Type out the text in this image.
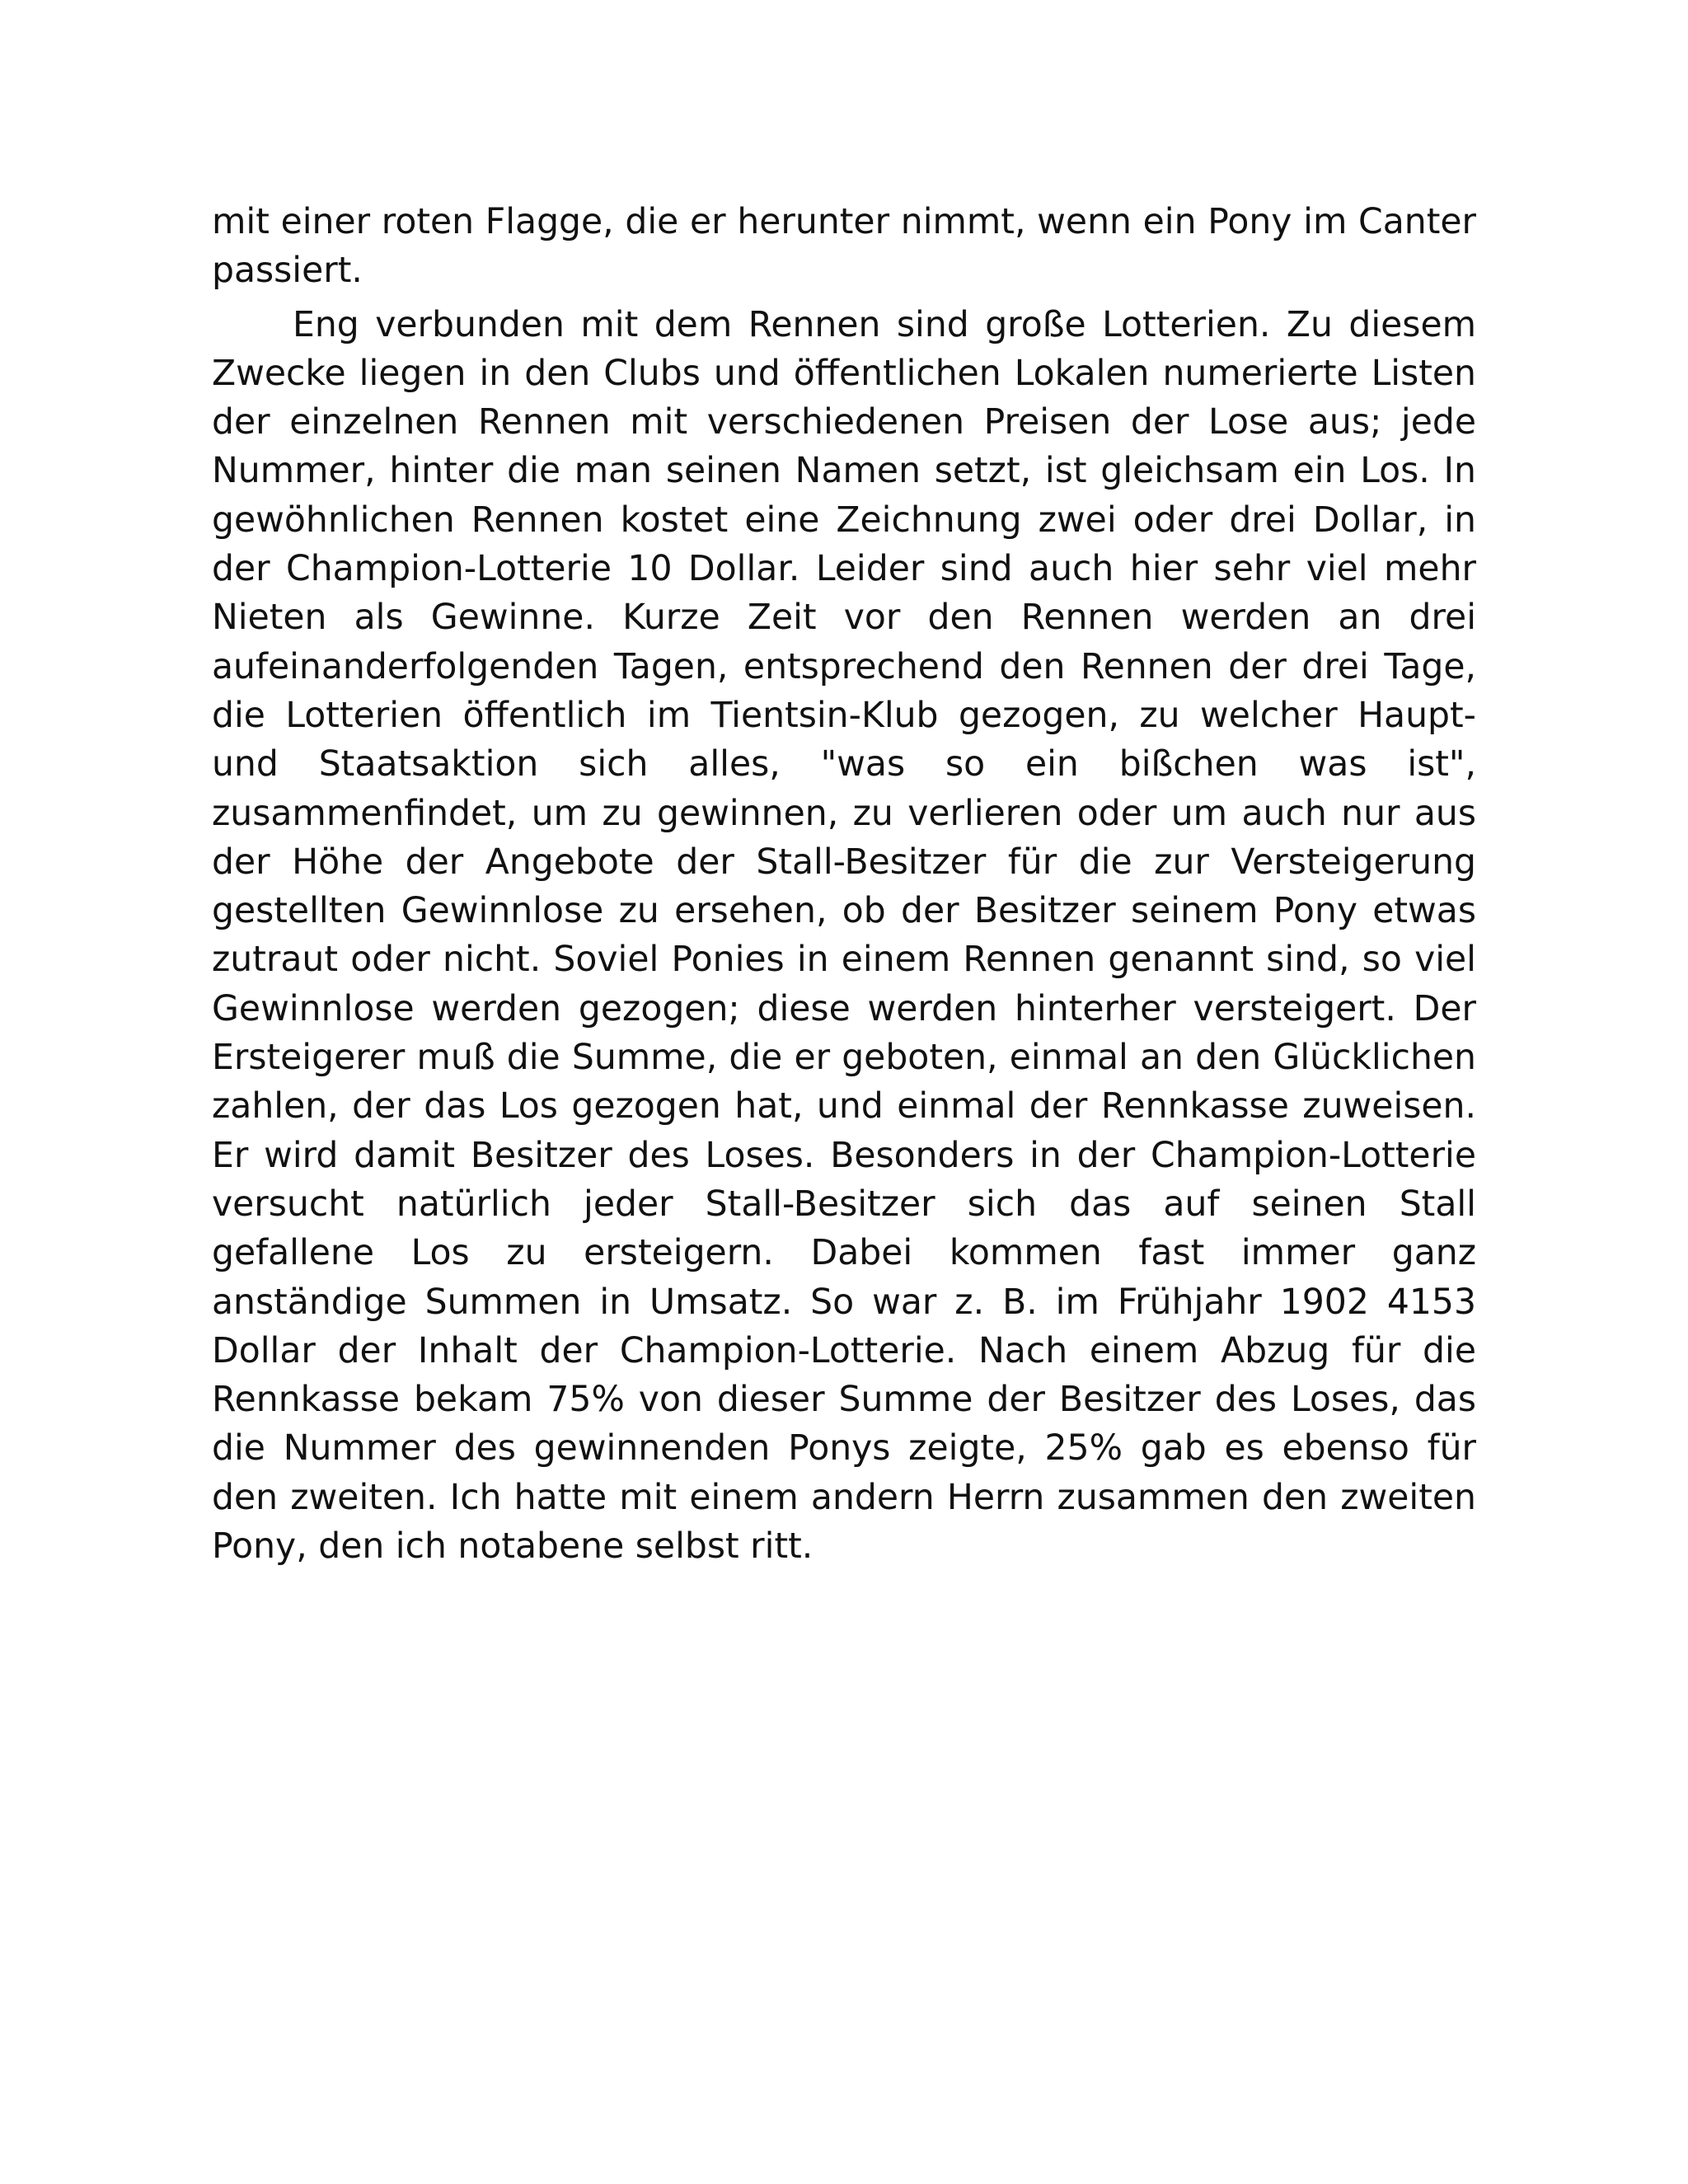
mit einer roten Flagge, die er herunter nimmt, wenn ein Pony im Canter passiert.

Eng verbunden mit dem Rennen sind große Lotterien. Zu diesem Zwecke liegen in den Clubs und öffentlichen Lokalen numerierte Listen der einzelnen Rennen mit verschiedenen Preisen der Lose aus; jede Nummer, hinter die man seinen Namen setzt, ist gleichsam ein Los. In gewöhnlichen Rennen kostet eine Zeichnung zwei oder drei Dollar, in der Champion-Lotterie 10 Dollar. Leider sind auch hier sehr viel mehr Nieten als Gewinne. Kurze Zeit vor den Rennen werden an drei aufeinanderfolgenden Tagen, entsprechend den Rennen der drei Tage, die Lotterien öffentlich im Tientsin-Klub gezogen, zu welcher Haupt- und Staatsaktion sich alles, "was so ein bißchen was ist", zusammenfindet, um zu gewinnen, zu verlieren oder um auch nur aus der Höhe der Angebote der Stall-Besitzer für die zur Versteigerung gestellten Gewinnlose zu ersehen, ob der Besitzer seinem Pony etwas zutraut oder nicht. Soviel Ponies in einem Rennen genannt sind, so viel Gewinnlose werden gezogen; diese werden hinterher versteigert. Der Ersteigerer muß die Summe, die er geboten, einmal an den Glücklichen zahlen, der das Los gezogen hat, und einmal der Rennkasse zuweisen. Er wird damit Besitzer des Loses. Besonders in der Champion-Lotterie versucht natürlich jeder Stall-Besitzer sich das auf seinen Stall gefallene Los zu ersteigern. Dabei kommen fast immer ganz anständige Summen in Umsatz. So war z. B. im Frühjahr 1902 4153 Dollar der Inhalt der Champion-Lotterie. Nach einem Abzug für die Rennkasse bekam 75% von dieser Summe der Besitzer des Loses, das die Nummer des gewinnenden Ponys zeigte, 25% gab es ebenso für den zweiten. Ich hatte mit einem andern Herrn zusammen den zweiten Pony, den ich notabene selbst ritt.
